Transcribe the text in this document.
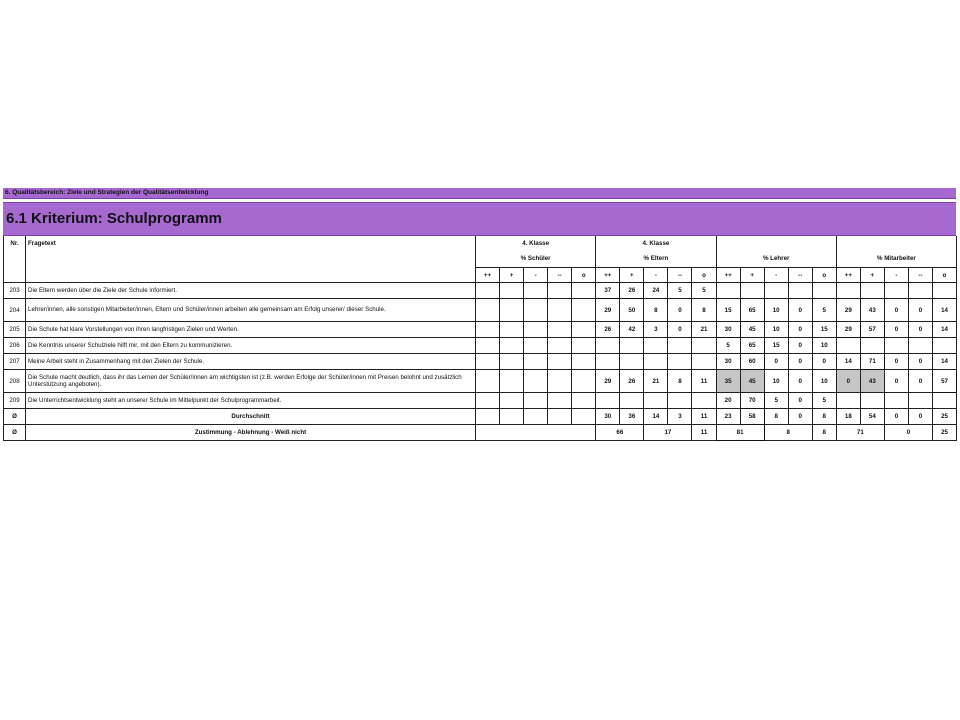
6. Qualitätsbereich: Ziele und Strategien der Qualitätsentwicklung
6.1 Kriterium: Schulprogramm
Nr.	Fragetext	4. Klasse					4. Klasse														
		% Schüler					% Eltern					% Lehrer					% Mitarbeiter				
		++	+	-	--	o	++	+	-	--	o	++	+	-	--	o	++	+	-	--	o
203	Die Eltern werden über die Ziele der Schule informiert.						37	26	24	5	5										
204	Lehrer/innen, alle sonstigen Mitarbeiter/innen, Eltern und Schüler/innen arbeiten alle gemeinsam am Erfolg unserer/ dieser Schule.						29	50	8	0	8	15	65	10	0	5	29	43	0	0	14
205	Die Schule hat klare Vorstellungen von ihren langfristigen Zielen und Werten.						26	42	3	0	21	30	45	10	0	15	29	57	0	0	14
206	Die Kenntnis unserer Schulziele hilft mir, mit den Eltern zu kommunizieren.											5	65	15	0	10					
207	Meine Arbeit steht in Zusammenhang mit den Zielen der Schule.											30	60	0	0	0	14	71	0	0	14
208	Die Schule macht deutlich, dass ihr das Lernen der Schüler/innen am wichtigsten ist (z.B. werden Erfolge der Schüler/innen mit Preisen belohnt und zusätzlich Unterstützung angeboten).						29	26	21	8	11	35	45	10	0	10	0	43	0	0	57
209	Die Unterrichtsentwicklung steht an unserer Schule im Mittelpunkt der Schulprogrammarbeit.											20	70	5	0	5					
Ø	Durchschnitt						30	36	14	3	11	23	58	8	0	8	18	54	0	0	25
Ø	Zustimmung - Ablehnung - Weiß nicht						66		17		11	81		8		8	71		0		25
